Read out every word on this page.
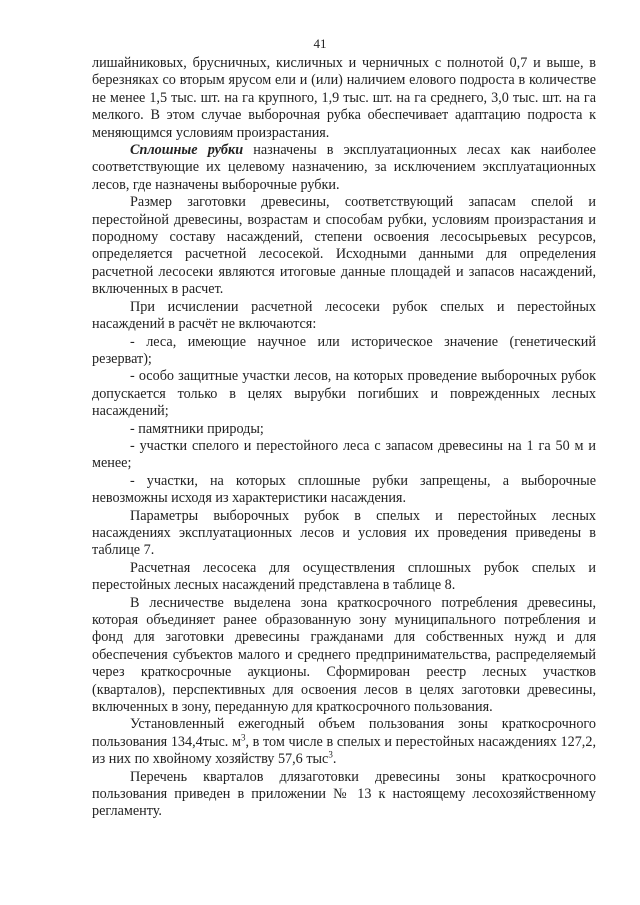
41

лишайниковых, брусничных, кисличных и черничных с полнотой 0,7 и выше, в березняках со вторым ярусом ели и (или) наличием елового подроста в количестве не менее 1,5 тыс. шт. на га крупного, 1,9 тыс. шт. на га среднего, 3,0 тыс. шт. на га мелкого. В этом случае выборочная рубка обеспечивает адаптацию подроста к меняющимся условиям произрастания.

Сплошные рубки назначены в эксплуатационных лесах как наиболее соответствующие их целевому назначению, за исключением эксплуатационных лесов, где назначены выборочные рубки.

Размер заготовки древесины, соответствующий запасам спелой и перестойной древесины, возрастам и способам рубки, условиям произрастания и породному составу насаждений, степени освоения лесосырьевых ресурсов, определяется расчетной лесосекой. Исходными данными для определения расчетной лесосеки являются итоговые данные площадей и запасов насаждений, включенных в расчет.

При исчислении расчетной лесосеки рубок спелых и перестойных насаждений в расчёт не включаются:

- леса, имеющие научное или историческое значение (генетический резерват);

- особо защитные участки лесов, на которых проведение выборочных рубок допускается только в целях вырубки погибших и поврежденных лесных насаждений;

- памятники природы;

- участки спелого и перестойного леса с запасом древесины на 1 га 50 м и менее;

- участки, на которых сплошные рубки запрещены, а выборочные невозможны исходя из характеристики насаждения.

Параметры выборочных рубок в спелых и перестойных лесных насаждениях эксплуатационных лесов и условия их проведения приведены в таблице 7.

Расчетная лесосека для осуществления сплошных рубок спелых и перестойных лесных насаждений представлена в таблице 8.

В лесничестве выделена зона краткосрочного потребления древесины, которая объединяет ранее образованную зону муниципального потребления и фонд для заготовки древесины гражданами для собственных нужд и для обеспечения субъектов малого и среднего предпринимательства, распределяемый через краткосрочные аукционы. Сформирован реестр лесных участков (кварталов), перспективных для освоения лесов в целях заготовки древесины, включенных в зону, переданную для краткосрочного пользования.

Установленный ежегодный объем пользования зоны краткосрочного пользования 134,4тыс. $м^3$, в том числе в спелых и перестойных насаждениях 127,2, из них по хвойному хозяйству 57,6 тыс$^3$.

Перечень кварталов длязаготовки древесины зоны краткосрочного пользования приведен в приложении № 13 к настоящему лесохозяйственному регламенту.
